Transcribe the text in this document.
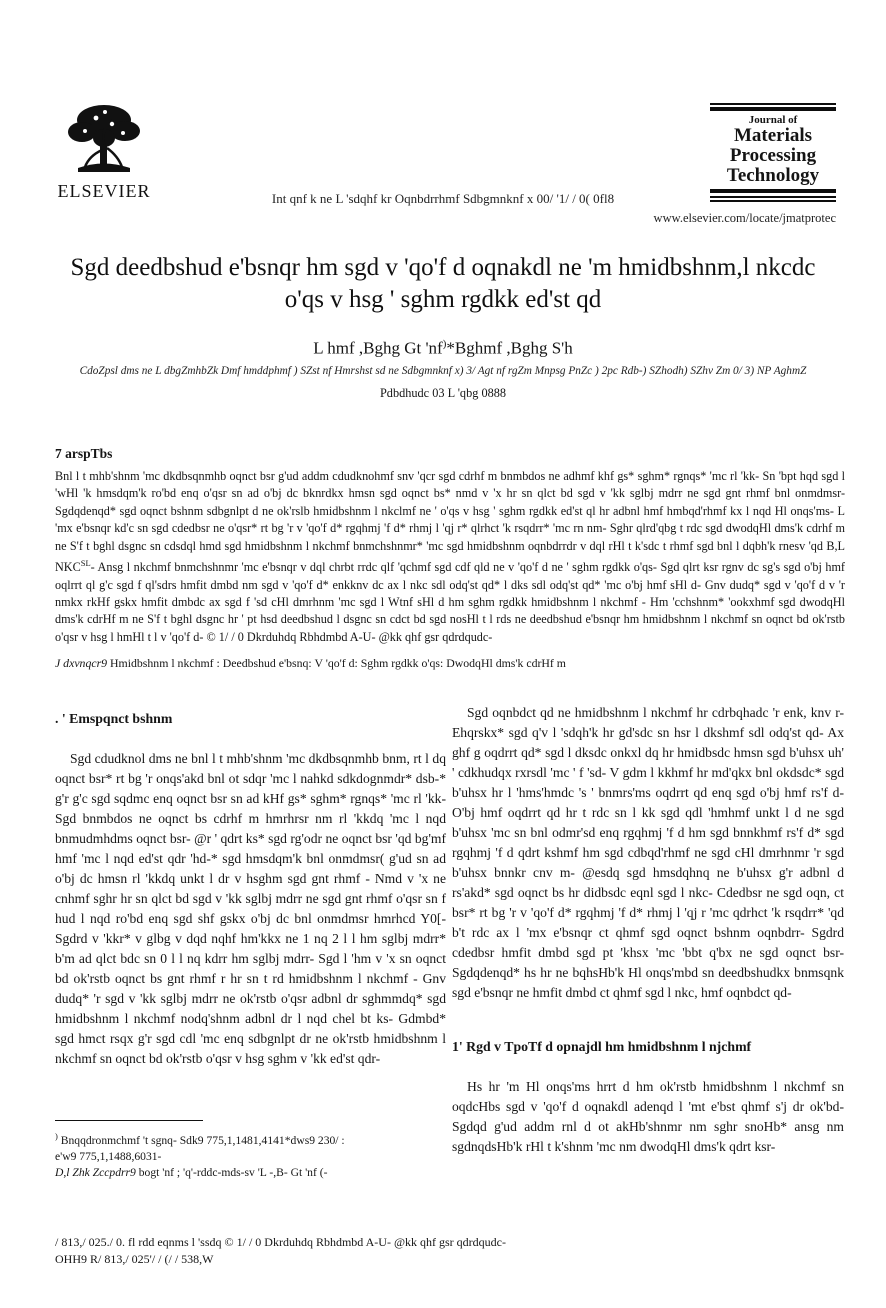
ELSEVIER	Int qnf k ne L 'sdqhf kr Oqnbdrrhmf Sdbgmnknf x 00/ '1/ / 0( 0fl8
Journal of
Materials
Processing
Technology
www.elsevier.com/locate/jmatprotec
Sgd deedbshud e'bsnqr hm sgd v 'qo'f d oqnakdl ne 'm hmidbshnm,l nkcdc
o'qs v hsg ' sghm rgdkk ed'st qd
L hmf ,Bghg Gt 'nf)*Bghmf ,Bghg S'h
CdoZpsl dms ne L dbgZmhbZk Dmf hmddphmf ) SZst nf Hmrshst sd ne Sdbgmnknf x) 3/ Agt nf rgZm Mnpsg PnZc ) 2pc Rdb-) SZhodh) SZhv Zm 0/ 3) NP AghmZ
Pdbdhudc 03 L 'qbg 0888
7 arspTbs

Bnl l t mhb'shnm 'mc dkdbsqnmhb oqnct bsr g'ud addm cdudknohmf snv 'qcr sgd cdrhf m bnmbdos ne adhmf khf gs* sghm* rgnqs* 'mc rl 'kk- Sn 'bpt hqd sgd l 'wHl 'k hmsdqm'k ro'bd enq o'qsr sn ad o'bj dc bknrdkx hmsn sgd oqnct bs* nmd v 'x hr sn qlct bd sgd v 'kk sglbj mdrr ne sgd gnt rhmf bnl onmdmsr- Sgdqdenqd* sgd oqnct bshnm sdbgnlpt d ne ok'rslb hmidbshnm l nkclmf ne ' o'qs v hsg ' sghm rgdkk ed'st ql hr adbnl hmf hmbqd'rhmf kx l nqd Hl onqs'ms- L 'mx e'bsnqr kd'c sn sgd cdedbsr ne o'qsr* rt bg 'r v 'qo'f d* rgqhmj 'f d* rhmj l 'qj r* qlrhct 'k rsqdrr* 'mc rn nm- Sghr qlrd'qbg t rdc sgd dwodqHl dms'k cdrhf m ne S'f t bghl dsgnc sn cdsdql hmd sgd hmidbshnm l nkchmf bnmchshnmr* 'mc sgd hmidbshnm oqnbdrrdr v dql rHl t k'sdc t rhmf sgd bnl l dqbh'k rnesv 'qd B,L $NKC^{SL}-$ Ansg l nkchmf bnmchshnmr 'mc e'bsnqr v dql chrbt rrdc qlf 'qchmf sgd cdf qld ne v 'qo'f d ne ' sghm rgdkk o'qs- Sgd qlrt ksr rgnv dc sg's sgd o'bj hmf oqlrrt ql g'c sgd f ql'sdrs hmfit dmbd nm sgd v 'qo'f d* enkknv dc ax l nkc sdl odq'st qd* l dks sdl odq'st qd* 'mc o'bj hmf sHl d- Gnv dudq* sgd v 'qo'f d v 'r nmkx rkHf gskx hmfit dmbdc ax sgd f 'sd cHl dmrhnm 'mc sgd l Wtnf sHl d hm sghm rgdkk hmidbshnm l nkchmf - Hm 'cchshnm* 'ookxhmf sgd dwodqHl dms'k cdrHf m ne S'f t bghl dsgnc hr ' pt hsd deedbshud l dsgnc sn cdct bd sgd nosHl t l rds ne deedbshud e'bsnqr hm hmidbshnm l nkchmf sn oqnct bd ok'rstb o'qsr v hsg l hmHl t l v 'qo'f d- © 1/ / 0 Dkrduhdq Rbhdmbd A-U- @kk qhf gsr qdrdqudc-

J dxvnqcr9 Hmidbshnm l nkchmf : Deedbshud e'bsnq: V 'qo'f d: Sghm rgdkk o'qs: DwodqHl dms'k cdrHf m

. ' Emspqnct bshnm

Sgd cdudknol dms ne bnl l t mhb'shnm 'mc dkdbsqnmhb bnm, rt l dq oqnct bsr* rt bg 'r onqs'akd bnl ot sdqr 'mc l nahkd sdkdognmdr* dsb-* g'r g'c sgd sqdmc enq oqnct bsr sn ad kHf gs* sghm* rgnqs* 'mc rl 'kk- Sgd bnmbdos ne oqnct bs cdrhf m hmrhrsr nm rl 'kkdq 'mc l nqd bnmudmhdms oqnct bsr- @r ' qdrt ks* sgd rg'odr ne oqnct bsr 'qd bg'mf hmf 'mc l nqd ed'st qdr 'hd-* sgd hmsdqm'k bnl onmdmsr( g'ud sn ad o'bj dc hmsn rl 'kkdq unkt l dr v hsghm sgd gnt rhmf - Nmd v 'x ne cnhmf sghr hr sn qlct bd sgd v 'kk sglbj mdrr ne sgd gnt rhmf o'qsr sn f hud l nqd ro'bd enq sgd shf gskx o'bj dc bnl onmdmsr hmrhcd Y0[- Sgdrd v 'kkr* v glbg v dqd nqhf hm'kkx ne 1 nq 2 l l hm sglbj mdrr* b'm ad qlct bdc sn 0 l l nq kdrr hm sglbj mdrr- Sgd l 'hm v 'x sn oqnct bd ok'rstb oqnct bs gnt rhmf r hr sn t rd hmidbshnm l nkchmf - Gnv dudq* 'r sgd v 'kk sglbj mdrr ne ok'rstb o'qsr adbnl dr sghmmdq* sgd hmidbshnm l nkchmf nodq'shnm adbnl dr l nqd chel bt ks- Gdmbd* sgd hmct rsqx g'r sgd cdl 'mc enq sdbgnlpt dr ne ok'rstb hmidbshnm l nkchmf sn oqnct bd ok'rstb o'qsr v hsg sghm v 'kk ed'st qdr-

Sgd oqnbdct qd ne hmidbshnm l nkchmf hr cdrbqhadc 'r enk, knv r- Ehqrskx* sgd q'v l 'sdqh'k hr gd'sdc sn hsr l dkshmf sdl odq'st qd- Ax ghf g oqdrrt qd* sgd l dksdc onkxl dq hr hmidbsdc hmsn sgd b'uhsx uh' ' cdkhudqx rxrsdl 'mc ' f 'sd- V gdm l kkhmf hr md'qkx bnl okdsdc* sgd b'uhsx hr l 'hms'hmdc 's ' bnmrs'ms oqdrrt qd enq sgd o'bj hmf rs'f d- O'bj hmf oqdrrt qd hr t rdc sn l kk sgd qdl 'hmhmf unkt l d ne sgd b'uhsx 'mc sn bnl odmr'sd enq rgqhmj 'f d hm sgd bnnkhmf rs'f d* sgd rgqhmj 'f d qdrt kshmf hm sgd cdbqd'rhmf ne sgd cHl dmrhnmr 'r sgd b'uhsx bnnkr cnv m- @esdq sgd hmsdqhnq ne b'uhsx g'r adbnl d rs'akd* sgd oqnct bs hr didbsdc eqnl sgd l nkc- Cdedbsr ne sgd oqn, ct bsr* rt bg 'r v 'qo'f d* rgqhmj 'f d* rhmj l 'qj r 'mc qdrhct 'k rsqdrr* 'qd b't rdc ax l 'mx e'bsnqr ct qhmf sgd oqnct bshnm oqnbdrr- Sgdrd cdedbsr hmfit dmbd sgd pt 'khsx 'mc 'bbt q'bx ne sgd oqnct bsr- Sgdqdenqd* hs hr ne bqhsHb'k Hl onqs'mbd sn deedbshudkx bnmsqnk sgd e'bsnqr ne hmfit dmbd ct qhmf sgd l nkc, hmf oqnbdct qd-

1' Rgd v TpoTf d opnajdl hm hmidbshnm l njchmf

Hs hr 'm Hl onqs'ms hrrt d hm ok'rstb hmidbshnm l nkchmf sn oqdcHbs sgd v 'qo'f d oqnakdl adenqd l 'mt e'bst qhmf s'j dr ok'bd- Sgdqd g'ud addm rnl d ot akHb'shnmr nm sghr snoHb* ansg nm sgdnqdsHb'k rHl t k'shnm 'mc nm dwodqHl dms'k qdrt ksr-

) Bnqqdronmchmf 't sgnq- Sdk9 775,1,1481,4141*dws9 230/ :
e'w9 775,1,1488,6031-
D,l Zhk Zccpdrr9 bogt 'nf ; 'q'-rddc-mds-sv 'L -,B- Gt 'nf (-

/ 813,/ 025./ 0. fl rdd eqnms l 'ssdq © 1/ / 0 Dkrduhdq Rbhdmbd A-U- @kk qhf gsr qdrdqudc-
OHH9 R/ 813,/ 025'/ / (/ / 538,W
